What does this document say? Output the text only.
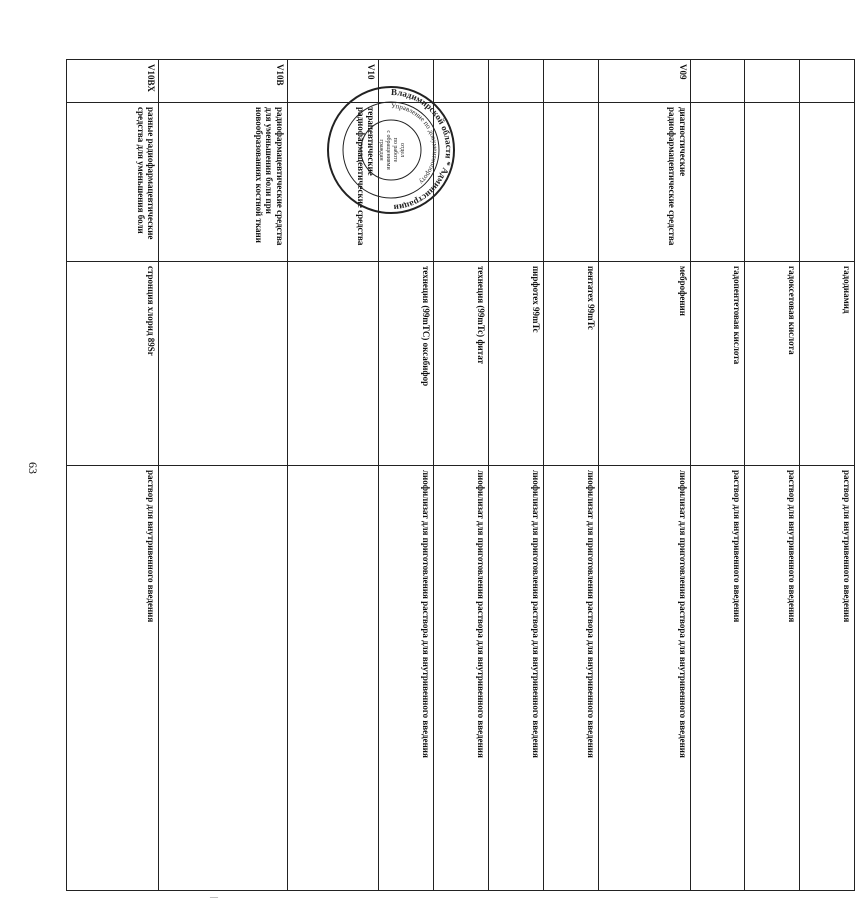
63
		гадодиамид	раствор для внутривенного введения
		гадоксетовая кислота	раствор для внутривенного введения
		гадопентетовая кислота	раствор для внутривенного введения
V09	диагностические радиофармацевтические средства	меброфенин	лиофилизат для приготовления раствора для внутривенного введения
		пентатех 99mTc	лиофилизат для приготовления раствора для внутривенного введения
		пирфотех 99mTc	лиофилизат для приготовления раствора для внутривенного введения
		технеция (99mTc) фитат	лиофилизат для приготовления раствора для внутривенного введения
		технеция (99mTC) оксабифор	лиофилизат для приготовления раствора для внутривенного введения
V10	терапевтические радиофармацевтические средства		
V10B	радиофармацевтические средства для уменьшения боли при новообразованиях костной ткани		
V10BX	разные радиофармацевтические средства для уменьшения боли	стронция хлорид 89Sr	раствор для внутривенного введения
Владимирской области * Администрации
Управление по документообороту
отдел
по работе
с обращениями
граждан
—
